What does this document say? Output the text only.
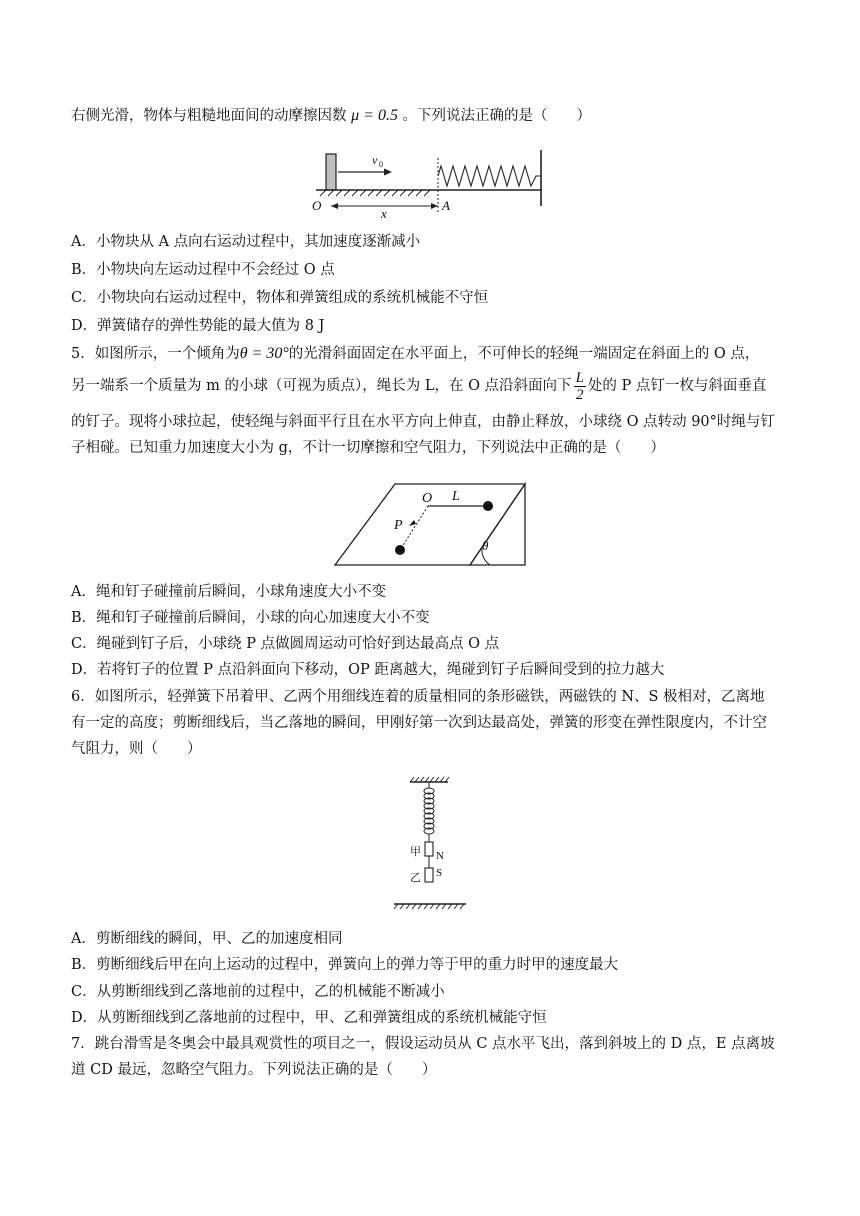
右侧光滑，物体与粗糙地面间的动摩擦因数 μ = 0.5 。下列说法正确的是（　　）
v 0
O
x
A
A．小物块从 A 点向右运动过程中，其加速度逐渐减小
B．小物块向左运动过程中不会经过 O 点
C．小物块向右运动过程中，物体和弹簧组成的系统机械能不守恒
D．弹簧储存的弹性势能的最大值为 8 J
5．如图所示，一个倾角为θ = 30°的光滑斜面固定在水平面上，不可伸长的轻绳一端固定在斜面上的 O 点，
另一端系一个质量为 m 的小球（可视为质点），绳长为 L，在 O 点沿斜面向下 $\frac{L}{2}$ 处的 P 点钉一枚与斜面垂直
的钉子。现将小球拉起，使轻绳与斜面平行且在水平方向上伸直，由静止释放，小球绕 O 点转动 90°时绳与钉
子相碰。已知重力加速度大小为 g，不计一切摩擦和空气阻力，下列说法中正确的是（　　）
θ
O L
P
A．绳和钉子碰撞前后瞬间，小球角速度大小不变
B．绳和钉子碰撞前后瞬间，小球的向心加速度大小不变
C．绳碰到钉子后，小球绕 P 点做圆周运动可恰好到达最高点 O 点
D．若将钉子的位置 P 点沿斜面向下移动，OP 距离越大，绳碰到钉子后瞬间受到的拉力越大
6．如图所示，轻弹簧下吊着甲、乙两个用细线连着的质量相同的条形磁铁，两磁铁的 N、S 极相对，乙离地
有一定的高度；剪断细线后，当乙落地的瞬间，甲刚好第一次到达最高处，弹簧的形变在弹性限度内，不计空
气阻力，则（　　）
甲 N
乙 S
A．剪断细线的瞬间，甲、乙的加速度相同
B．剪断细线后甲在向上运动的过程中，弹簧向上的弹力等于甲的重力时甲的速度最大
C．从剪断细线到乙落地前的过程中，乙的机械能不断减小
D．从剪断细线到乙落地前的过程中，甲、乙和弹簧组成的系统机械能守恒
7．跳台滑雪是冬奥会中最具观赏性的项目之一，假设运动员从 C 点水平飞出，落到斜坡上的 D 点，E 点离坡
道 CD 最远，忽略空气阻力。下列说法正确的是（　　）
